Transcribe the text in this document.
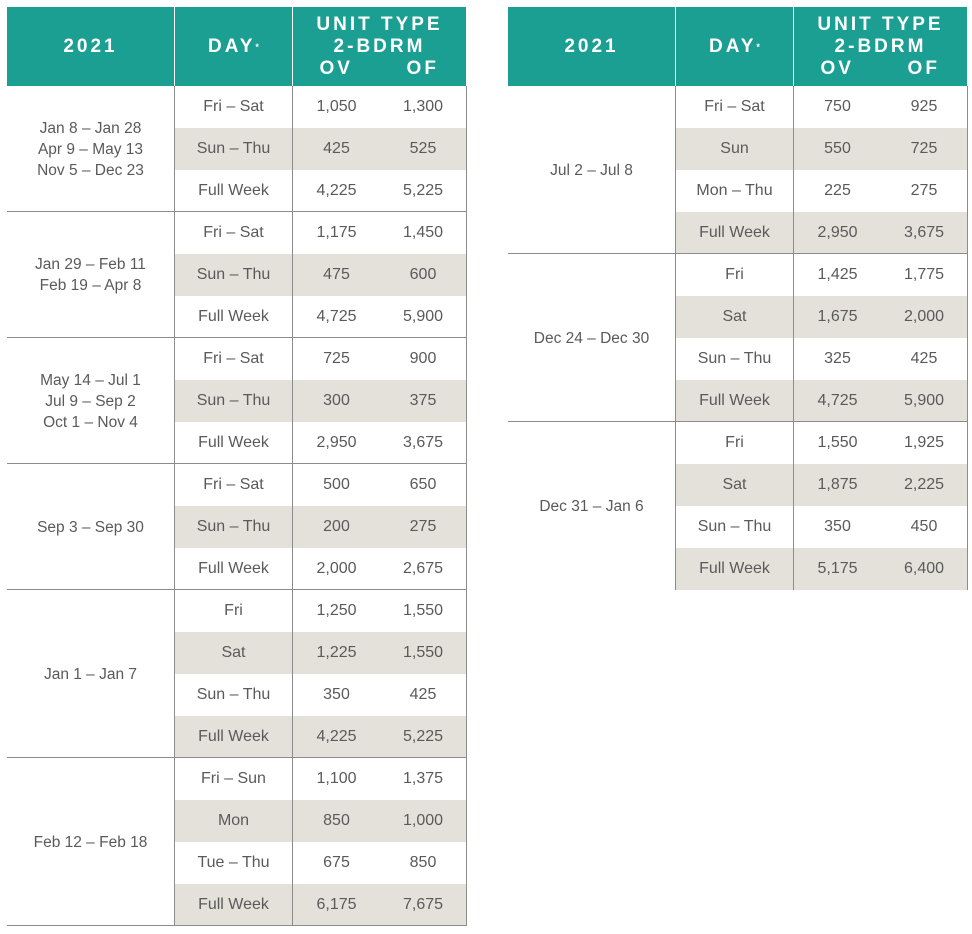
2021	DAY *
UNIT TYPE
2-BDRM
OV	OF
Jan 8 – Jan 28
Apr 9 – May 13
Nov 5 – Dec 23
Fri – Sat	1,050	1,300
Sun – Thu	425	525
Full Week	4,225	5,225
Jan 29 – Feb 11
Feb 19 – Apr 8
Fri – Sat	1,175	1,450
Sun – Thu	475	600
Full Week	4,725	5,900
May 14 – Jul 1
Jul 9 – Sep 2
Oct 1 – Nov 4
Fri – Sat	725	900
Sun – Thu	300	375
Full Week	2,950	3,675
Sep 3 – Sep 30
Fri – Sat	500	650
Sun – Thu	200	275
Full Week	2,000	2,675
Jan 1 – Jan 7
Fri	1,250	1,550
Sat	1,225	1,550
Sun – Thu	350	425
Full Week	4,225	5,225
Feb 12 – Feb 18
Fri – Sun	1,100	1,375
Mon	850	1,000
Tue – Thu	675	850
Full Week	6,175	7,675
2021	DAY *
UNIT TYPE
2-BDRM
OV	OF
Jul 2 – Jul 8
Fri – Sat	750	925
Sun	550	725
Mon – Thu	225	275
Full Week	2,950	3,675
Dec 24 – Dec 30
Fri	1,425	1,775
Sat	1,675	2,000
Sun – Thu	325	425
Full Week	4,725	5,900
Dec 31 – Jan 6
Fri	1,550	1,925
Sat	1,875	2,225
Sun – Thu	350	450
Full Week	5,175	6,400
